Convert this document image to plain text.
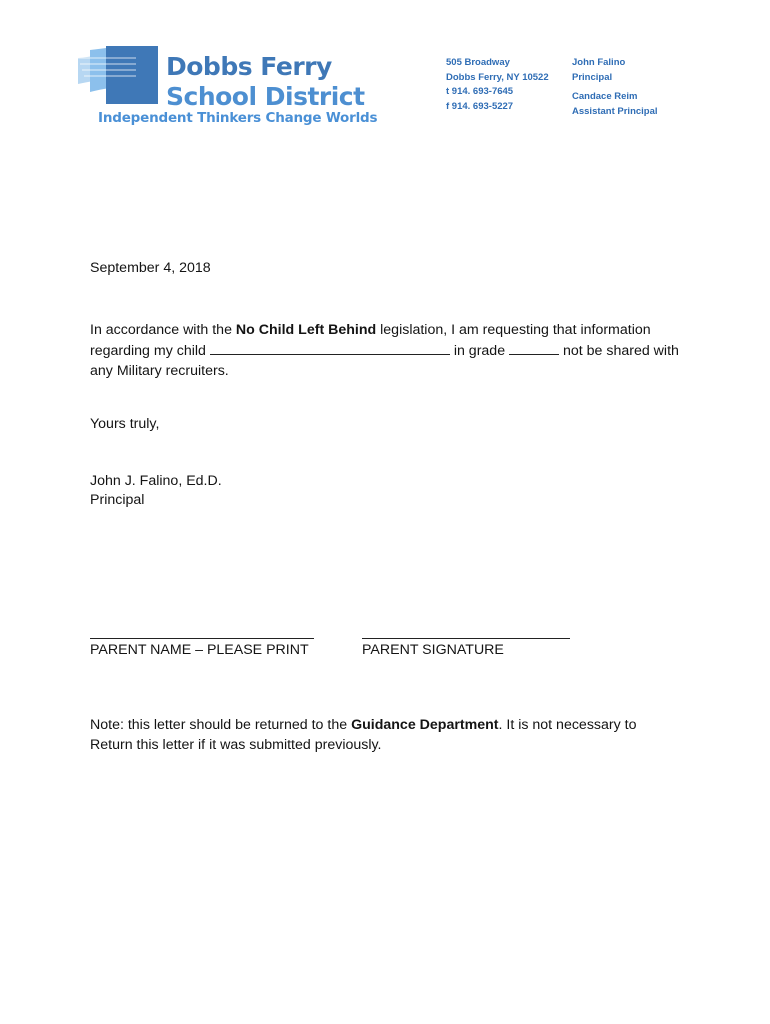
Dobbs Ferry
School District
Independent Thinkers Change Worlds
505 Broadway
Dobbs Ferry, NY 10522
t 914. 693-7645
f 914. 693-5227
John Falino
Principal
Candace Reim
Assistant Principal
September 4, 2018
In accordance with the No Child Left Behind legislation, I am requesting that information
regarding my child	in grade	not be shared with
any Military recruiters.
Yours truly,
John J. Falino, Ed.D.
Principal
PARENT NAME – PLEASE PRINT	PARENT SIGNATURE
Note: this letter should be returned to the Guidance Department. It is not necessary to
Return this letter if it was submitted previously.
